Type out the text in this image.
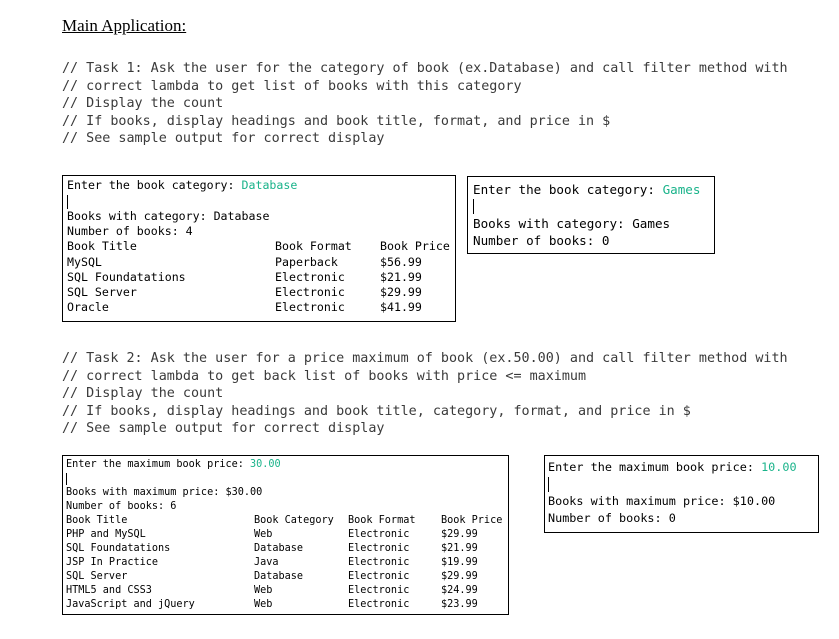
Main Application:
// Task 1: Ask the user for the category of book (ex.Database) and call filter method with
// correct lambda to get list of books with this category
// Display the count
// If books, display headings and book title, format, and price in $
// See sample output for correct display
Enter the book category: Database
Books with category: Database
Number of books: 4
Book Title	Book Format Book Price
MySQL	Paperback	$56.99
SQL Foundatations	Electronic	$21.99
SQL Server	Electronic	$29.99
Oracle	Electronic	$41.99
Enter the book category: Games
Books with category: Games
Number of books: 0
// Task 2: Ask the user for a price maximum of book (ex.50.00) and call filter method with
// correct lambda to get back list of books with price <= maximum
// Display the count
// If books, display headings and book title, category, format, and price in $
// See sample output for correct display
Enter the maximum book price: 30.00
Books with maximum price: $30.00
Number of books: 6
Book Title	Book Category Book Format	Book Price
PHP and MySQL	Web	Electronic	$29.99
SQL Foundatations	Database	Electronic	$21.99
JSP In Practice	Java	Electronic	$19.99
SQL Server	Database	Electronic	$29.99
HTML5 and CSS3	Web	Electronic	$24.99
JavaScript and jQuery	Web	Electronic	$23.99
Enter the maximum book price: 10.00
Books with maximum price: $10.00
Number of books: 0
